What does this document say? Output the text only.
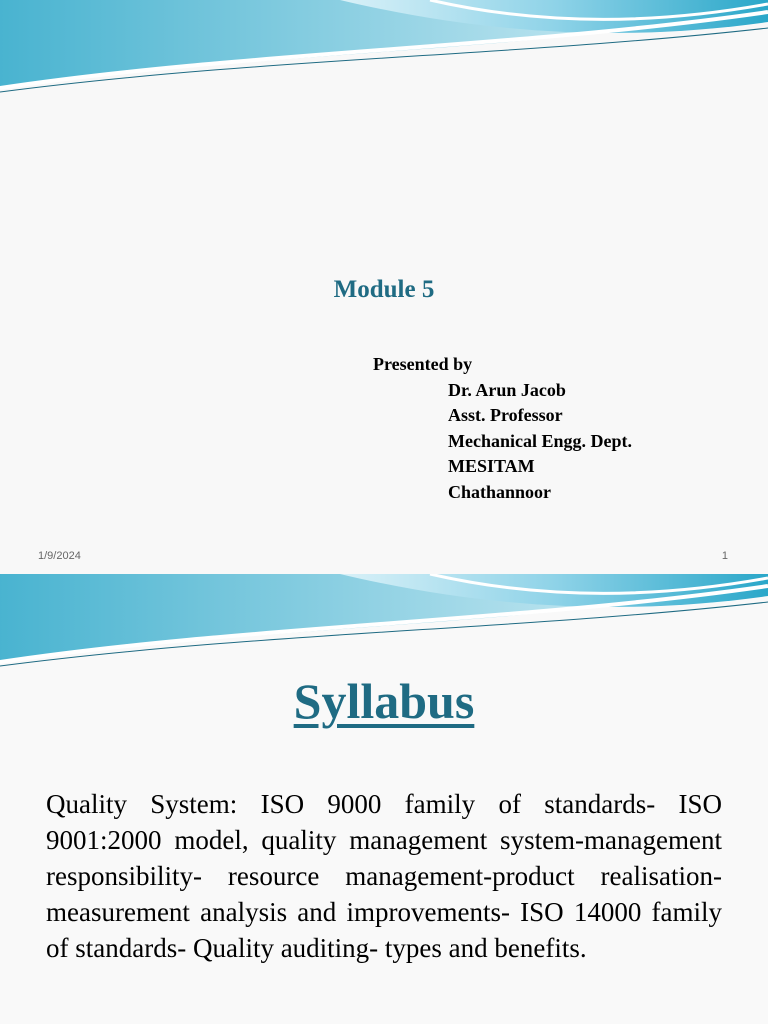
Module 5
Presented by
Dr. Arun Jacob
Asst. Professor
Mechanical Engg. Dept.
MESITAM
Chathannoor
1/9/2024	1
Syllabus
Quality System: ISO 9000 family of standards- ISO 9001:2000 model, quality management system-management responsibility- resource management-product realisation- measurement analysis and improvements- ISO 14000 family of standards- Quality auditing- types and benefits.
